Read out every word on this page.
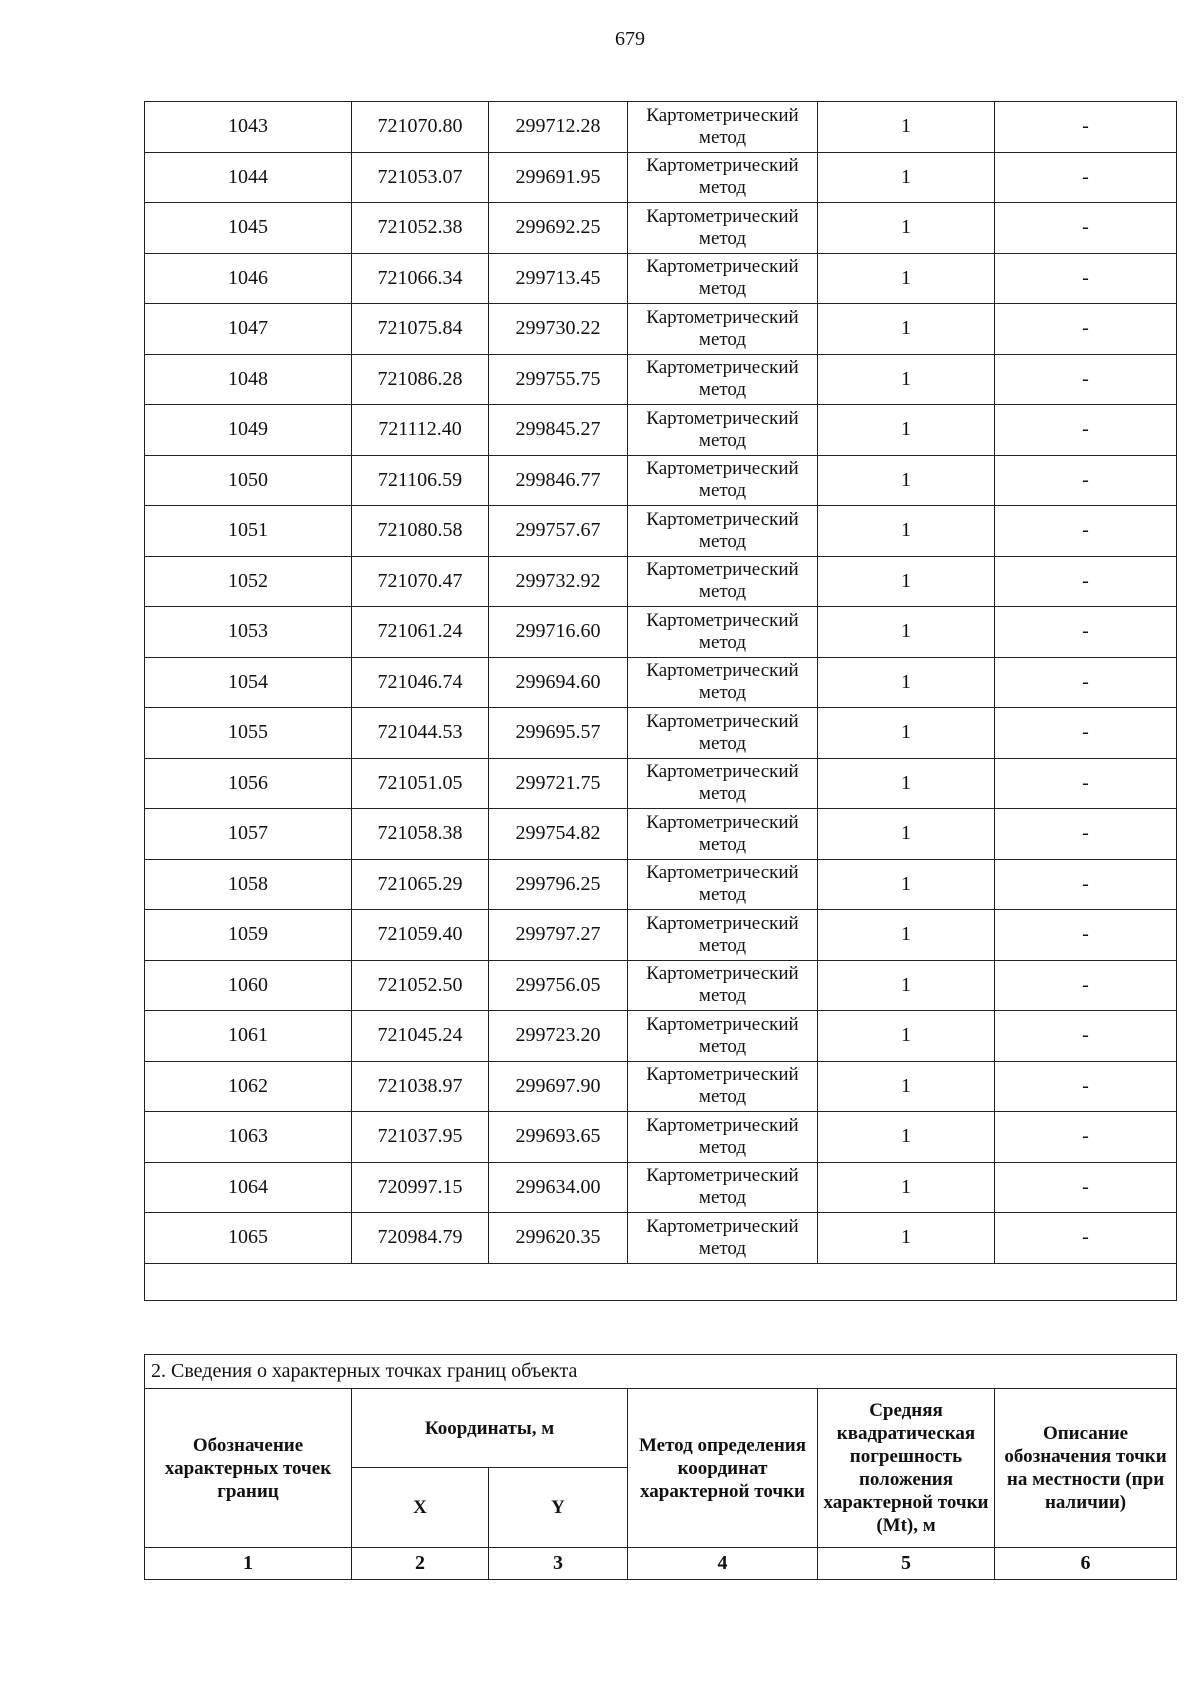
679
1043	721070.80	299712.28	Картометрический метод	1	-
1044	721053.07	299691.95	Картометрический метод	1	-
1045	721052.38	299692.25	Картометрический метод	1	-
1046	721066.34	299713.45	Картометрический метод	1	-
1047	721075.84	299730.22	Картометрический метод	1	-
1048	721086.28	299755.75	Картометрический метод	1	-
1049	721112.40	299845.27	Картометрический метод	1	-
1050	721106.59	299846.77	Картометрический метод	1	-
1051	721080.58	299757.67	Картометрический метод	1	-
1052	721070.47	299732.92	Картометрический метод	1	-
1053	721061.24	299716.60	Картометрический метод	1	-
1054	721046.74	299694.60	Картометрический метод	1	-
1055	721044.53	299695.57	Картометрический метод	1	-
1056	721051.05	299721.75	Картометрический метод	1	-
1057	721058.38	299754.82	Картометрический метод	1	-
1058	721065.29	299796.25	Картометрический метод	1	-
1059	721059.40	299797.27	Картометрический метод	1	-
1060	721052.50	299756.05	Картометрический метод	1	-
1061	721045.24	299723.20	Картометрический метод	1	-
1062	721038.97	299697.90	Картометрический метод	1	-
1063	721037.95	299693.65	Картометрический метод	1	-
1064	720997.15	299634.00	Картометрический метод	1	-
1065	720984.79	299620.35	Картометрический метод	1	-

2. Сведения о характерных точках границ объекта					
Обозначение характерных точек границ	Координаты, м		Метод определения координат характерной точки	Средняя квадратическая погрешность положения характерной точки (Mt), м	Описание обозначения точки на местности (при наличии)
	X	Y			
1	2	3	4	5	6
